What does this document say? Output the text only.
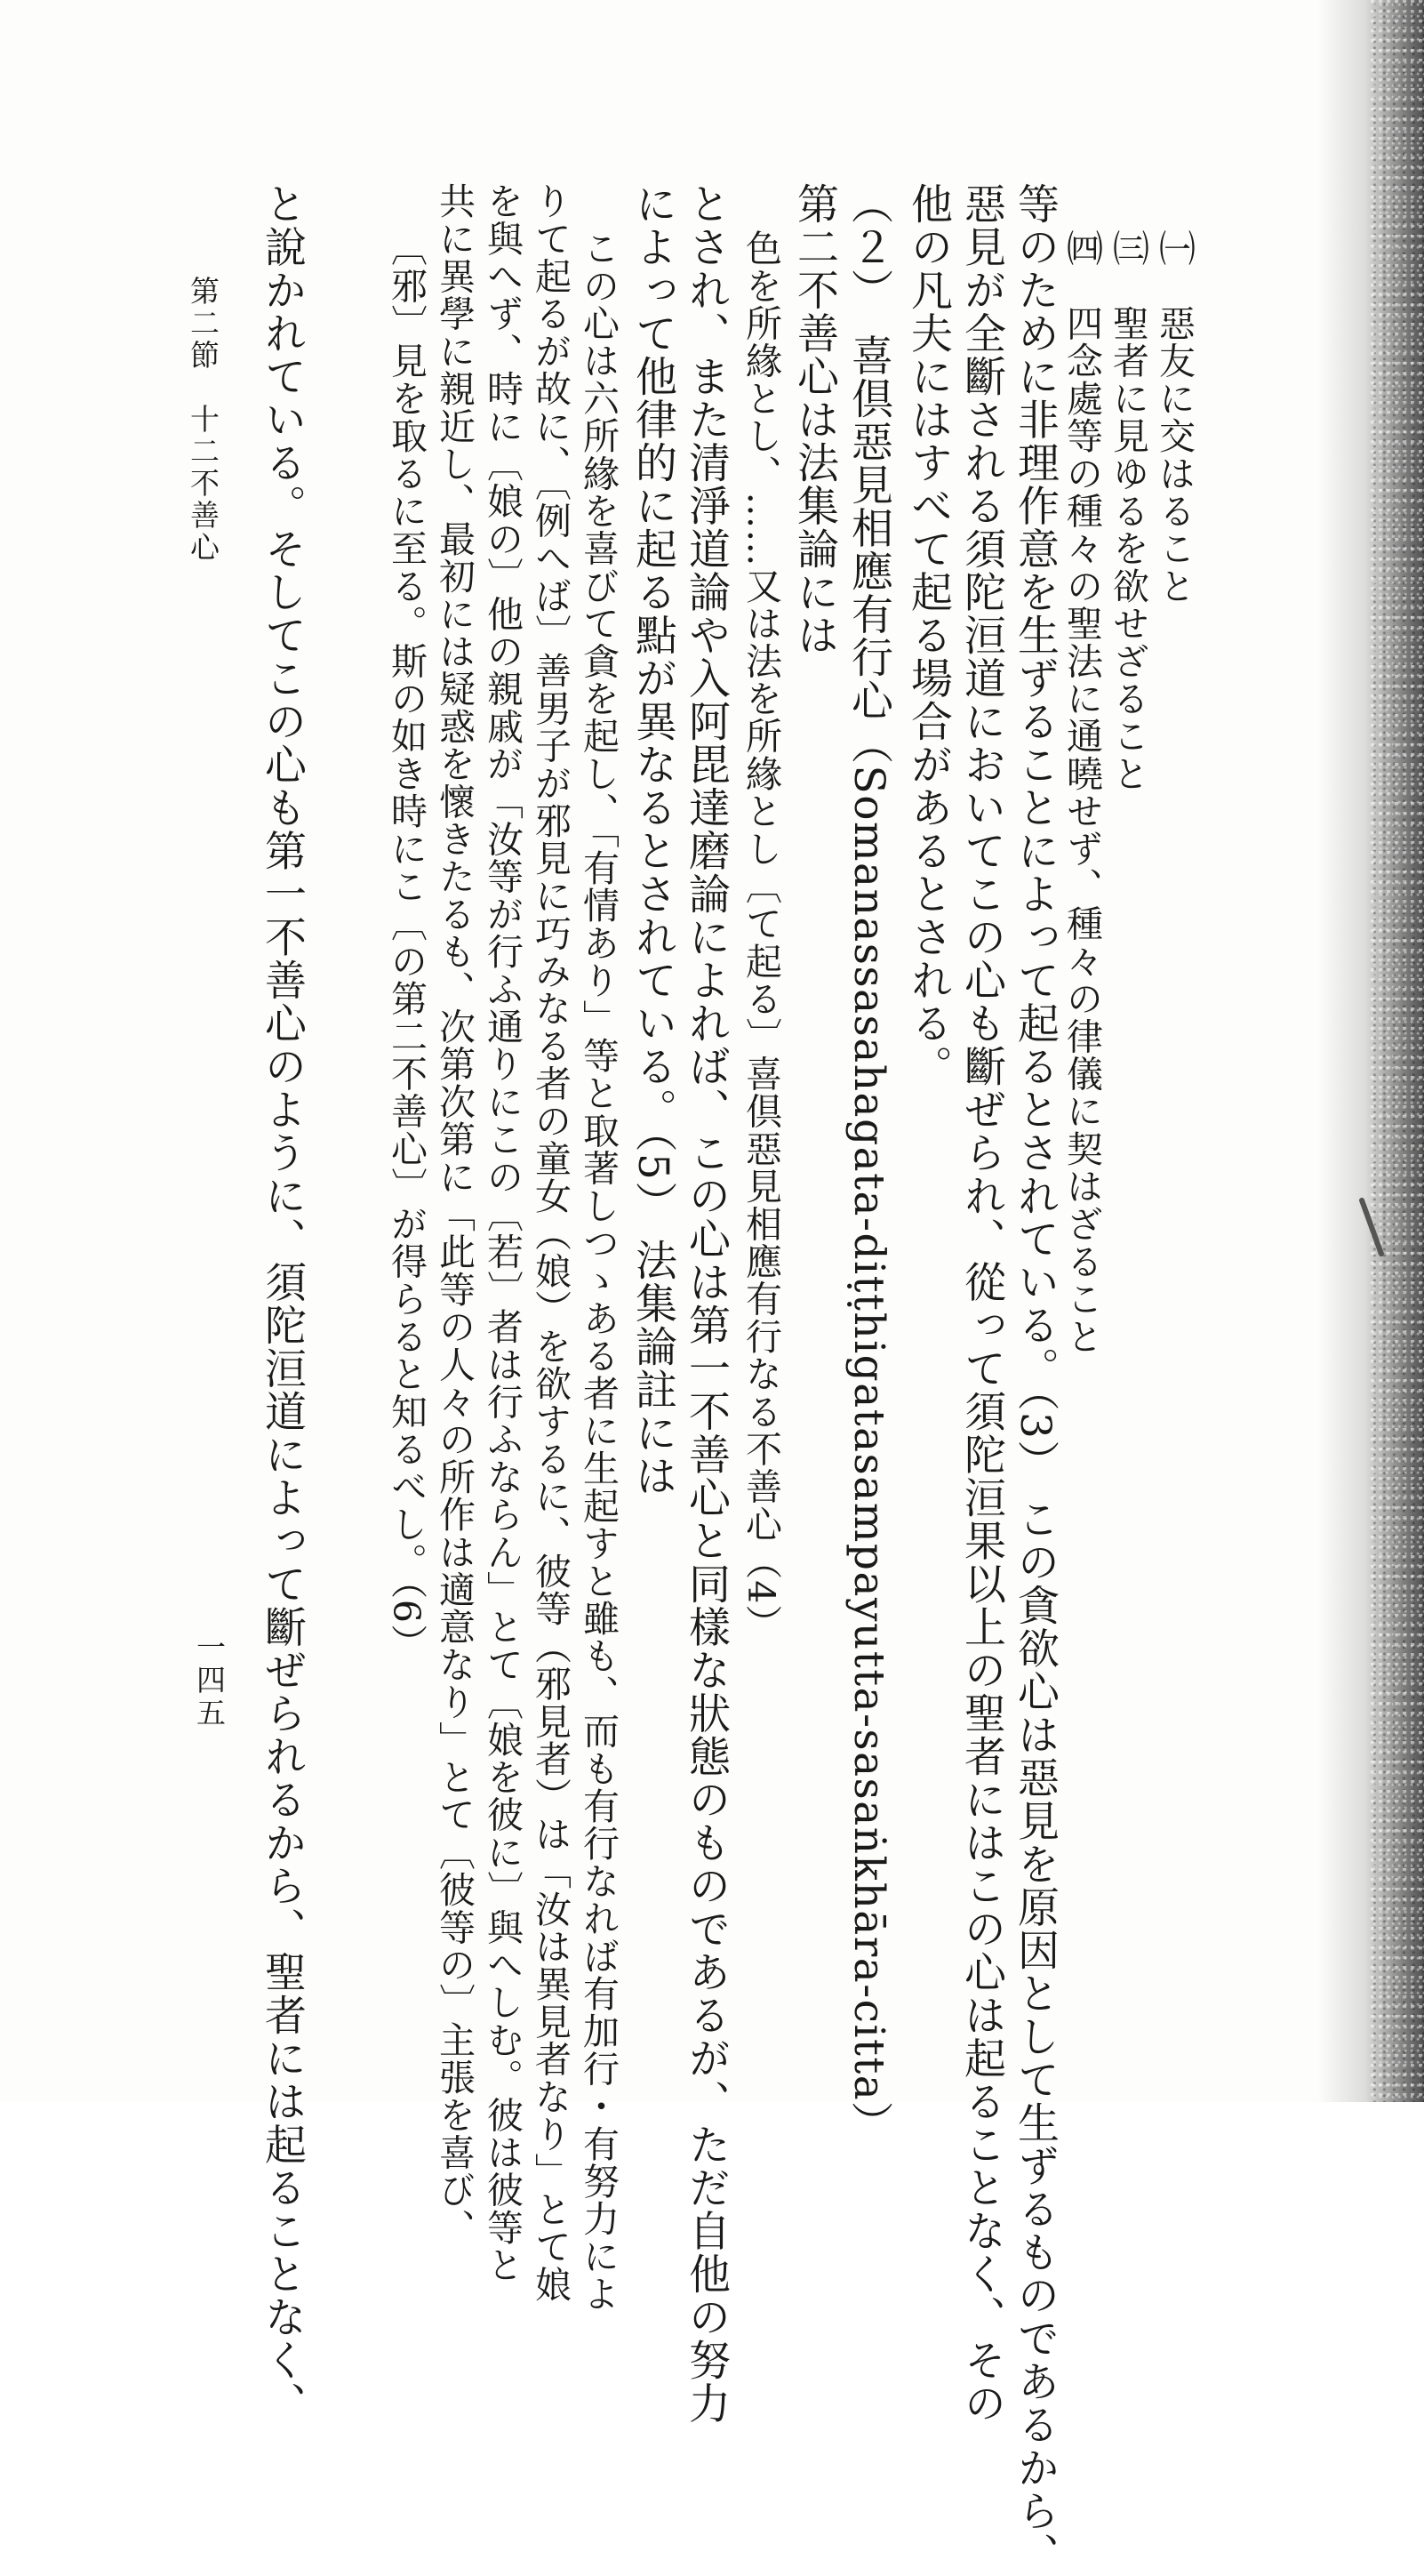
㈠　惡友に交はること
㈢　聖者に見ゆるを欲せざること
㈣　四念處等の種々の聖法に通曉せず、種々の律儀に契はざること
等のために非理作意を生ずることによって起るとされている。（3） この貪欲心は惡見を原因として生ずるものであるから、
惡見が全斷される須陀洹道においてこの心も斷ぜられ、從って須陀洹果以上の聖者にはこの心は起ることなく、その
他の凡夫にはすべて起る場合があるとされる。
（２）　喜倶惡見相應有行心（Somanassasahagata-diṭṭhigatasampayutta-sasaṅkhāra-citta）
第二不善心は法集論には
色を所緣とし、……又は法を所緣とし〔て起る〕喜倶惡見相應有行なる不善心（4）
とされ、また清淨道論や入阿毘達磨論によれば、この心は第一不善心と同樣な狀態のものであるが、ただ自他の努力
によって他律的に起る點が異なるとされている。（5） 法集論註には
この心は六所緣を喜びて貪を起し、「有情あり」等と取著しつゝある者に生起すと雖も、而も有行なれば有加行・有努力によ
りて起るが故に、〔例へば〕善男子が邪見に巧みなる者の童女（娘）を欲するに、彼等（邪見者）は「汝は異見者なり」とて娘
を與へず、時に〔娘の〕他の親戚が「汝等が行ふ通りにこの〔若〕者は行ふならん」とて〔娘を彼に〕與へしむ。彼は彼等と
共に異學に親近し、最初には疑惑を懷きたるも、次第次第に「此等の人々の所作は適意なり」とて〔彼等の〕主張を喜び、
〔邪〕見を取るに至る。斯の如き時にこ〔の第二不善心〕が得らると知るべし。（6）
と說かれている。そしてこの心も第一不善心のように、須陀洹道によって斷ぜられるから、聖者には起ることなく、
第二節　十二不善心
一四五
